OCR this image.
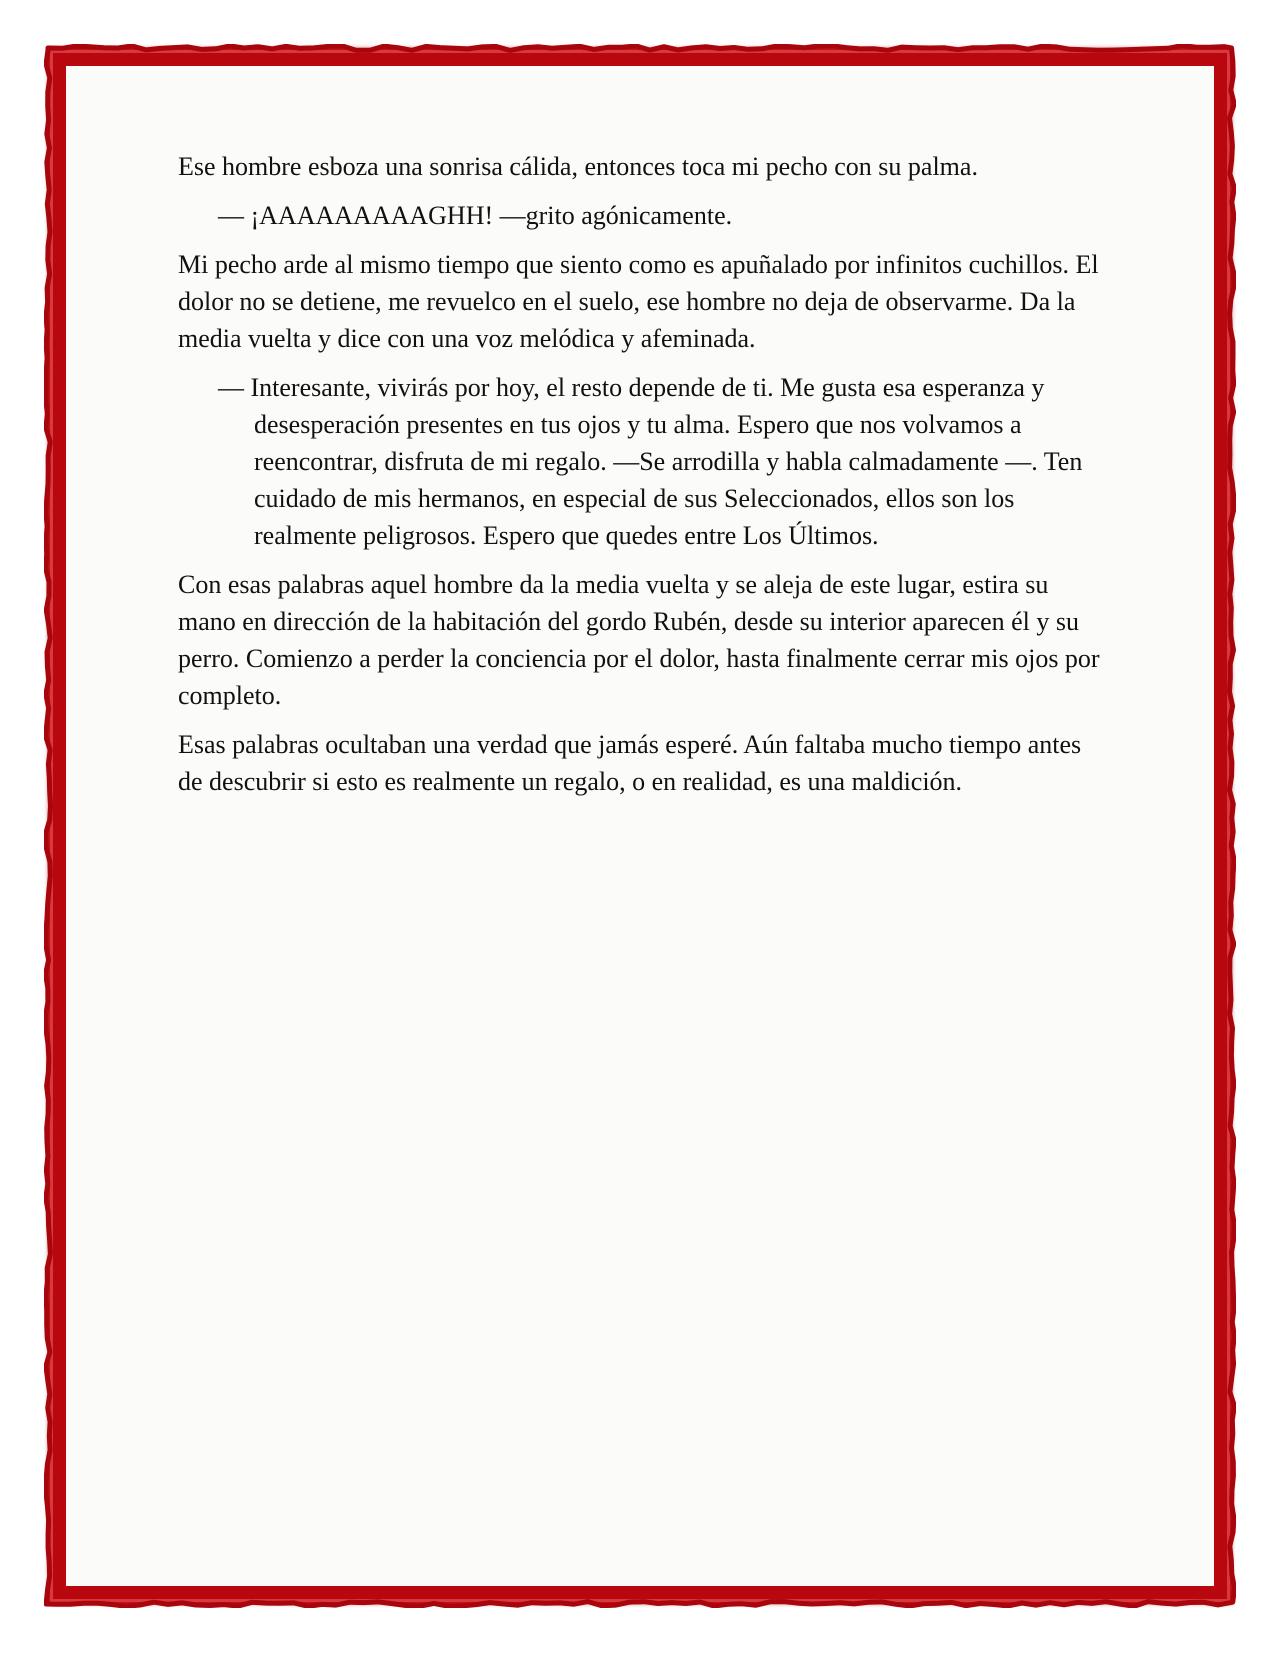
Ese hombre esboza una sonrisa cálida, entonces toca mi pecho con su palma.

— ¡AAAAAAAAAGHH! —grito agónicamente.

Mi pecho arde al mismo tiempo que siento como es apuñalado por infinitos cuchillos. El dolor no se detiene, me revuelco en el suelo, ese hombre no deja de observarme. Da la media vuelta y dice con una voz melódica y afeminada.

— Interesante, vivirás por hoy, el resto depende de ti. Me gusta esa esperanza y desesperación presentes en tus ojos y tu alma. Espero que nos volvamos a reencontrar, disfruta de mi regalo. —Se arrodilla y habla calmadamente —. Ten cuidado de mis hermanos, en especial de sus Seleccionados, ellos son los realmente peligrosos. Espero que quedes entre Los Últimos.

Con esas palabras aquel hombre da la media vuelta y se aleja de este lugar, estira su mano en dirección de la habitación del gordo Rubén, desde su interior aparecen él y su perro. Comienzo a perder la conciencia por el dolor, hasta finalmente cerrar mis ojos por completo.

Esas palabras ocultaban una verdad que jamás esperé. Aún faltaba mucho tiempo antes de descubrir si esto es realmente un regalo, o en realidad, es una maldición.
